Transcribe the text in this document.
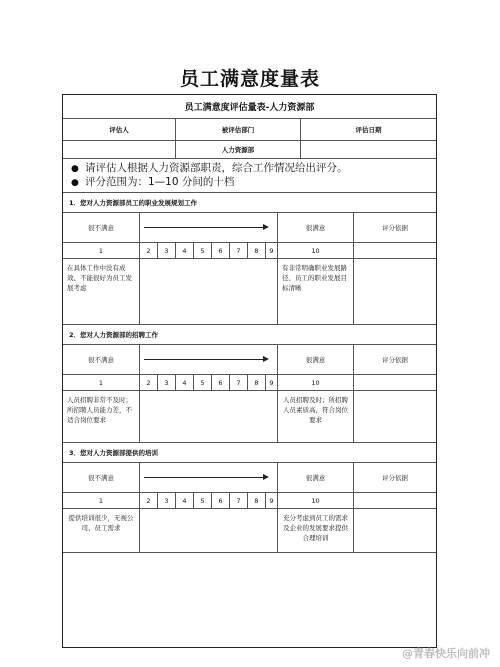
员工满意度量表
员工满意度评估量表-人力资源部
评估人	被评估部门	评估日期
人力资源部
● 请评估人根据人力资源部职责，综合工作情况给出评分。
● 评分范围为：1—10 分间的十档
1．您对人力资源部员工的职业发展规划工作
很不满意	很满意	评分依据
1	2	3	4	5	6	7	8	9	10
在具体工作中没有成效、不能很好为员工发展考虑
有非常明确职业发展路径、员工的职业发展目标清晰
2．您对人力资源部的招聘工作
很不满意	很满意	评分依据
1	2	3	4	5	6	7	8	9	10
人员招聘非常不及时；所招聘人员能力差，不适合岗位要求
人员招聘及时；所招聘人员素质高，符合岗位要求
3．您对人力资源部提供的培训
很不满意	很满意	评分依据
1	2	3	4	5	6	7	8	9	10
提供培训很少，无视公司、员工需求
充分考虑到员工的需求及企业的发展要求提供合理培训
@青春快乐向前冲
